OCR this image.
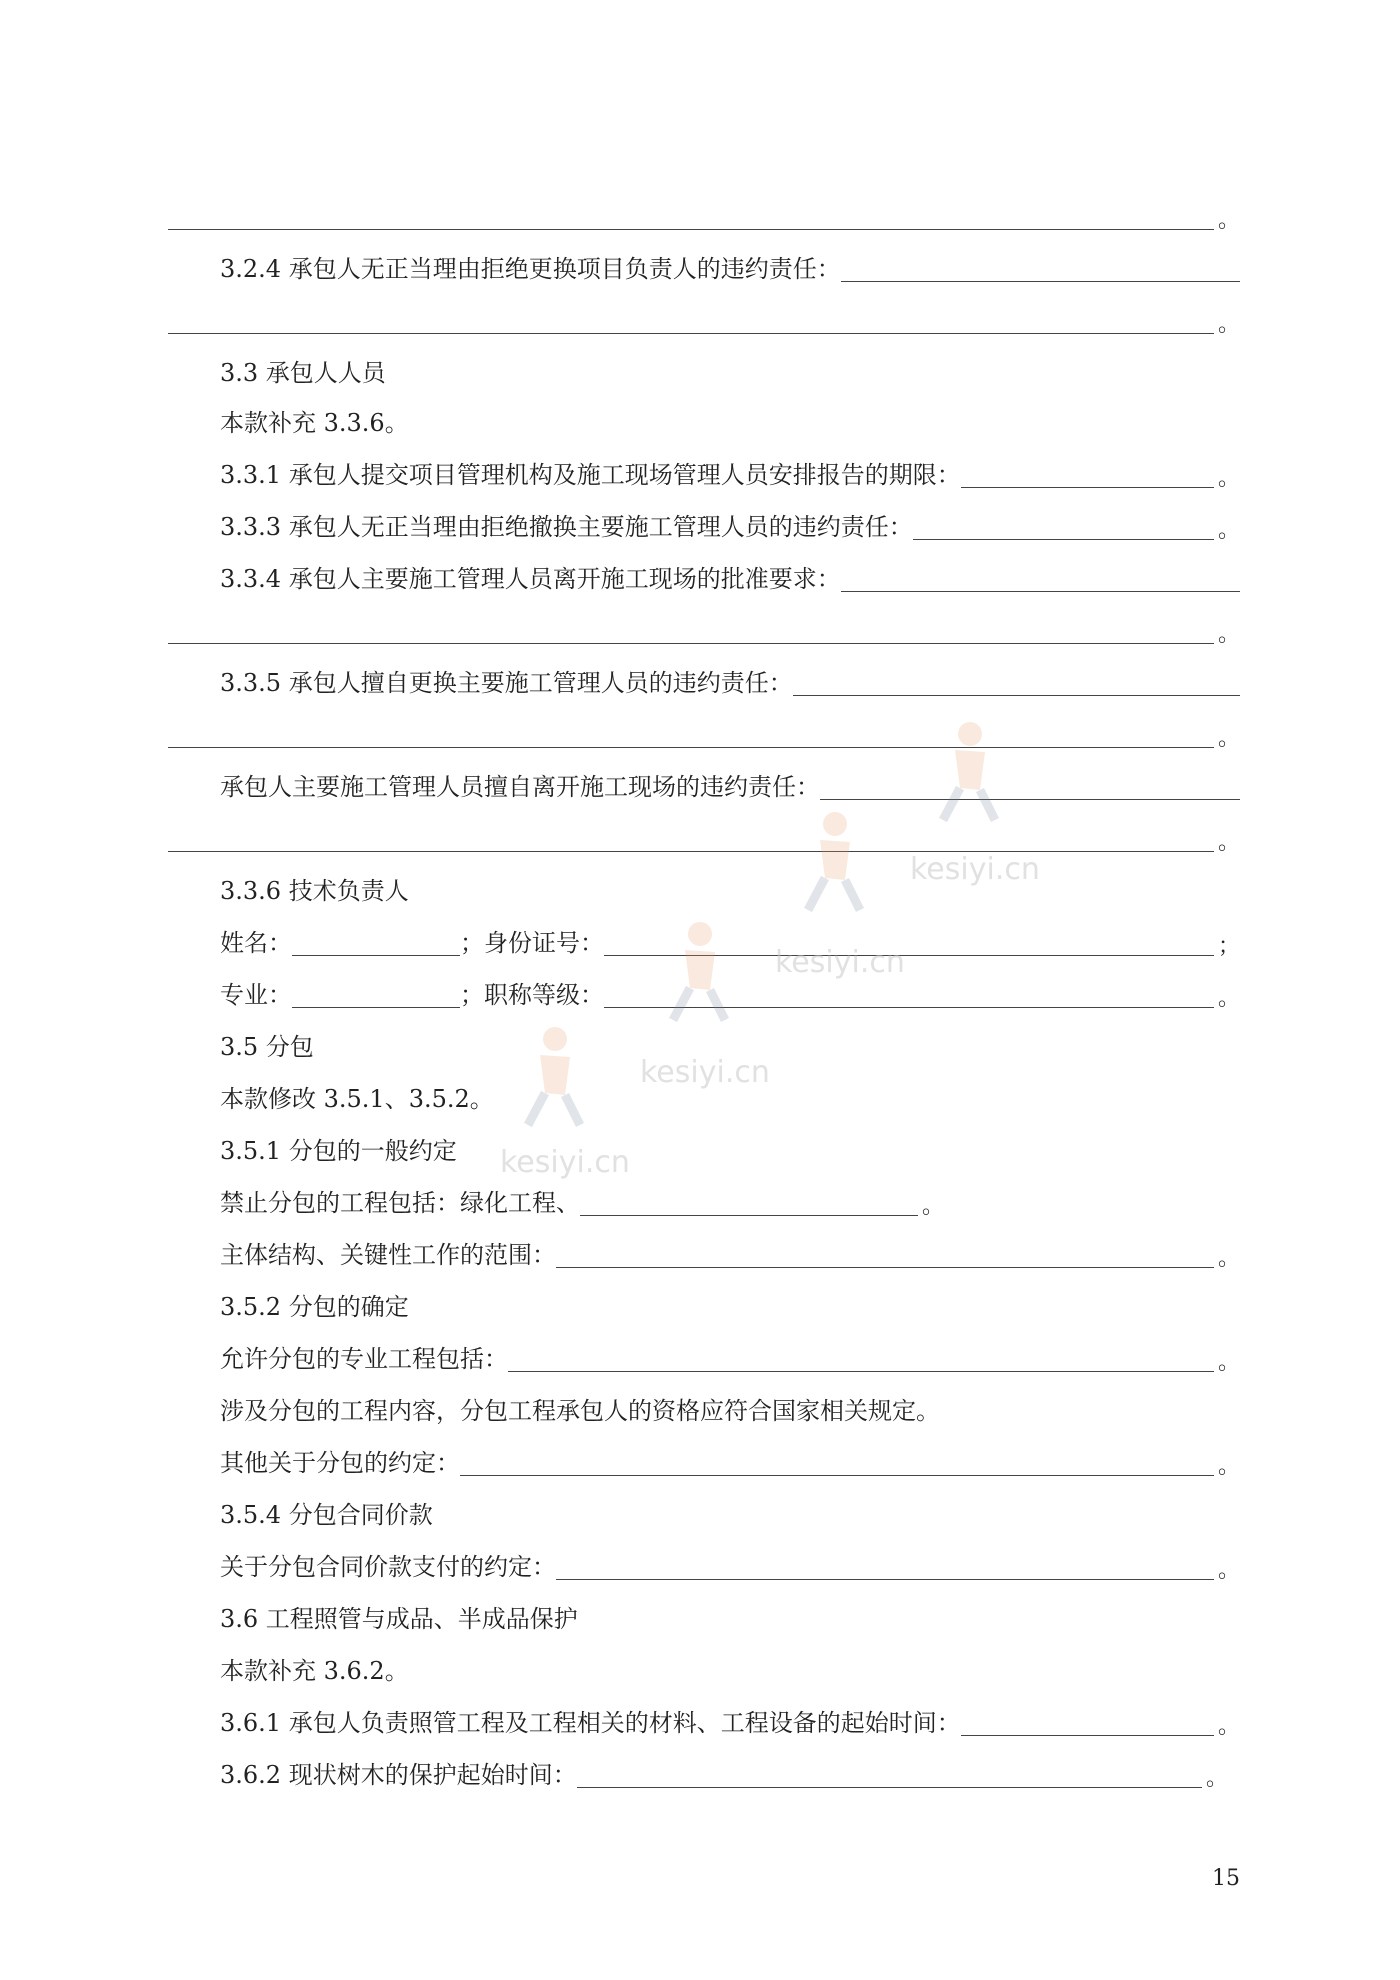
。
3.2.4 承包人无正当理由拒绝更换项目负责人的违约责任：
。
3.3 承包人人员
本款补充 3.3.6。
3.3.1 承包人提交项目管理机构及施工现场管理人员安排报告的期限：	。
3.3.3 承包人无正当理由拒绝撤换主要施工管理人员的违约责任：	。
3.3.4 承包人主要施工管理人员离开施工现场的批准要求：
。
3.3.5 承包人擅自更换主要施工管理人员的违约责任：
。
承包人主要施工管理人员擅自离开施工现场的违约责任：
。
3.3.6 技术负责人
姓名：	；身份证号：	；
专业：	；职称等级：	。
3.5 分包
本款修改 3.5.1、3.5.2。
3.5.1 分包的一般约定
禁止分包的工程包括：绿化工程、	。
主体结构、关键性工作的范围：	。
3.5.2 分包的确定
允许分包的专业工程包括：	。
涉及分包的工程内容，分包工程承包人的资格应符合国家相关规定。
其他关于分包的约定：	。
3.5.4 分包合同价款
关于分包合同价款支付的约定：	。
3.6 工程照管与成品、半成品保护
本款补充 3.6.2。
3.6.1 承包人负责照管工程及工程相关的材料、工程设备的起始时间：	。
3.6.2 现状树木的保护起始时间：	。
15
kesiyi.cn
kesiyi.cn
kesiyi.cn
kesiyi.cn
